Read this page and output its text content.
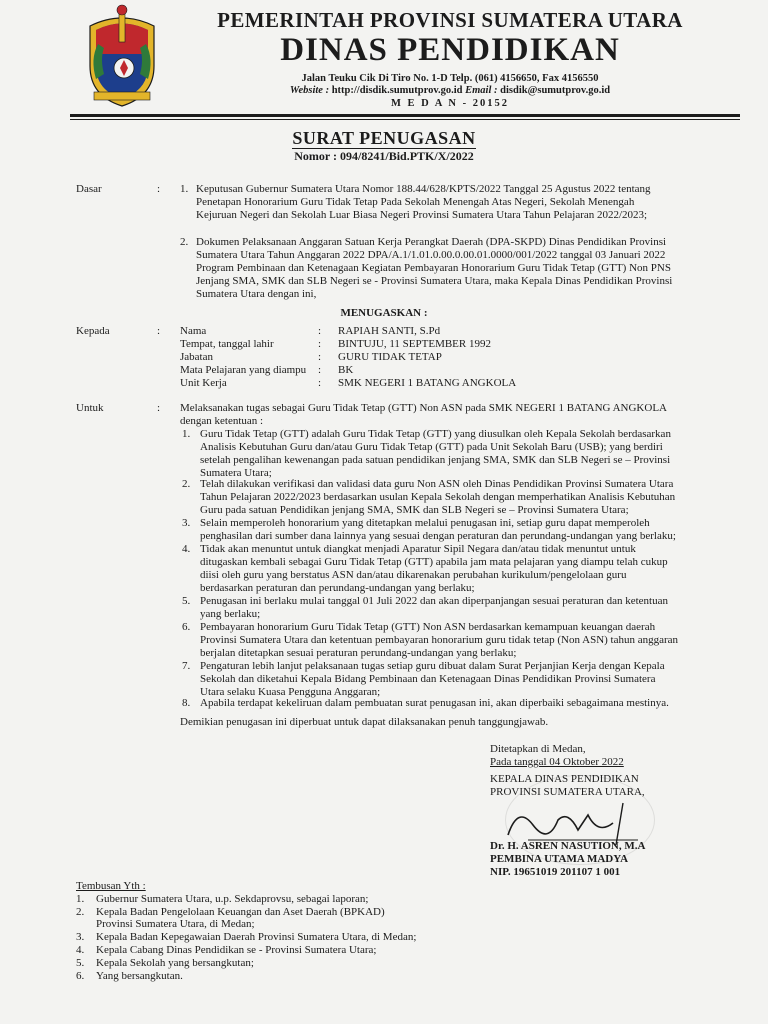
PEMERINTAH PROVINSI SUMATERA UTARA
DINAS PENDIDIKAN
Jalan Teuku Cik Di Tiro No. 1-D Telp. (061) 4156650, Fax 4156550
Website : http://disdik.sumutprov.go.id Email : disdik@sumutprov.go.id
M E D A N - 20152
SURAT PENUGASAN
Nomor : 094/8241/Bid.PTK/X/2022
Dasar	: 1. Keputusan Gubernur Sumatera Utara Nomor 188.44/628/KPTS/2022 Tanggal 25 Agustus 2022 tentang
Penetapan Honorarium Guru Tidak Tetap Pada Sekolah Menengah Atas Negeri, Sekolah Menengah
Kejuruan Negeri dan Sekolah Luar Biasa Negeri Provinsi Sumatera Utara Tahun Pelajaran 2022/2023;
2. Dokumen Pelaksanaan Anggaran Satuan Kerja Perangkat Daerah (DPA-SKPD) Dinas Pendidikan Provinsi
Sumatera Utara Tahun Anggaran 2022 DPA/A.1/1.01.0.00.0.00.01.0000/001/2022 tanggal 03 Januari 2022
Program Pembinaan dan Ketenagaan Kegiatan Pembayaran Honorarium Guru Tidak Tetap (GTT) Non PNS
Jenjang SMA, SMK dan SLB Negeri se - Provinsi Sumatera Utara, maka Kepala Dinas Pendidikan Provinsi
Sumatera Utara dengan ini,
MENUGASKAN :
Kepada	: Nama	: RAPIAH SANTI, S.Pd
Tempat, tanggal lahir	: BINTUJU, 11 SEPTEMBER 1992
Jabatan	: GURU TIDAK TETAP
Mata Pelajaran yang diampu : BK
Unit Kerja	: SMK NEGERI 1 BATANG ANGKOLA
Untuk	: Melaksanakan tugas sebagai Guru Tidak Tetap (GTT) Non ASN pada SMK NEGERI 1 BATANG ANGKOLA
dengan ketentuan :
1. Guru Tidak Tetap (GTT) adalah Guru Tidak Tetap (GTT) yang diusulkan oleh Kepala Sekolah berdasarkan
Analisis Kebutuhan Guru dan/atau Guru Tidak Tetap (GTT) pada Unit Sekolah Baru (USB); yang berdiri
setelah pengalihan kewenangan pada satuan pendidikan jenjang SMA, SMK dan SLB Negeri se – Provinsi
Sumatera Utara;
2. Telah dilakukan verifikasi dan validasi data guru Non ASN oleh Dinas Pendidikan Provinsi Sumatera Utara
Tahun Pelajaran 2022/2023 berdasarkan usulan Kepala Sekolah dengan memperhatikan Analisis Kebutuhan
Guru pada satuan Pendidikan jenjang SMA, SMK dan SLB Negeri se – Provinsi Sumatera Utara;
3. Selain memperoleh honorarium yang ditetapkan melalui penugasan ini, setiap guru dapat memperoleh
penghasilan dari sumber dana lainnya yang sesuai dengan peraturan dan perundang-undangan yang berlaku;
4. Tidak akan menuntut untuk diangkat menjadi Aparatur Sipil Negara dan/atau tidak menuntut untuk
ditugaskan kembali sebagai Guru Tidak Tetap (GTT) apabila jam mata pelajaran yang diampu telah cukup
diisi oleh guru yang berstatus ASN dan/atau dikarenakan perubahan kurikulum/pengelolaan guru
berdasarkan peraturan dan perundang-undangan yang berlaku;
5. Penugasan ini berlaku mulai tanggal 01 Juli 2022 dan akan diperpanjangan sesuai peraturan dan ketentuan
yang berlaku;
6. Pembayaran honorarium Guru Tidak Tetap (GTT) Non ASN berdasarkan kemampuan keuangan daerah
Provinsi Sumatera Utara dan ketentuan pembayaran honorarium guru tidak tetap (Non ASN) tahun anggaran
berjalan ditetapkan sesuai peraturan perundang-undangan yang berlaku;
7. Pengaturan lebih lanjut pelaksanaan tugas setiap guru dibuat dalam Surat Perjanjian Kerja dengan Kepala
Sekolah dan diketahui Kepala Bidang Pembinaan dan Ketenagaan Dinas Pendidikan Provinsi Sumatera
Utara selaku Kuasa Pengguna Anggaran;
8. Apabila terdapat kekeliruan dalam pembuatan surat penugasan ini, akan diperbaiki sebagaimana mestinya.
Demikian penugasan ini diperbuat untuk dapat dilaksanakan penuh tanggungjawab.
Ditetapkan di Medan,
Pada tanggal 04 Oktober 2022
KEPALA DINAS PENDIDIKAN
PROVINSI SUMATERA UTARA,
Dr. H. ASREN NASUTION, M.A
PEMBINA UTAMA MADYA
NIP. 19651019 201107 1 001
Tembusan Yth :
1. Gubernur Sumatera Utara, u.p. Sekdaprovsu, sebagai laporan;
2. Kepala Badan Pengelolaan Keuangan dan Aset Daerah (BPKAD)
Provinsi Sumatera Utara, di Medan;
3. Kepala Badan Kepegawaian Daerah Provinsi Sumatera Utara, di Medan;
4. Kepala Cabang Dinas Pendidikan se - Provinsi Sumatera Utara;
5. Kepala Sekolah yang bersangkutan;
6. Yang bersangkutan.
